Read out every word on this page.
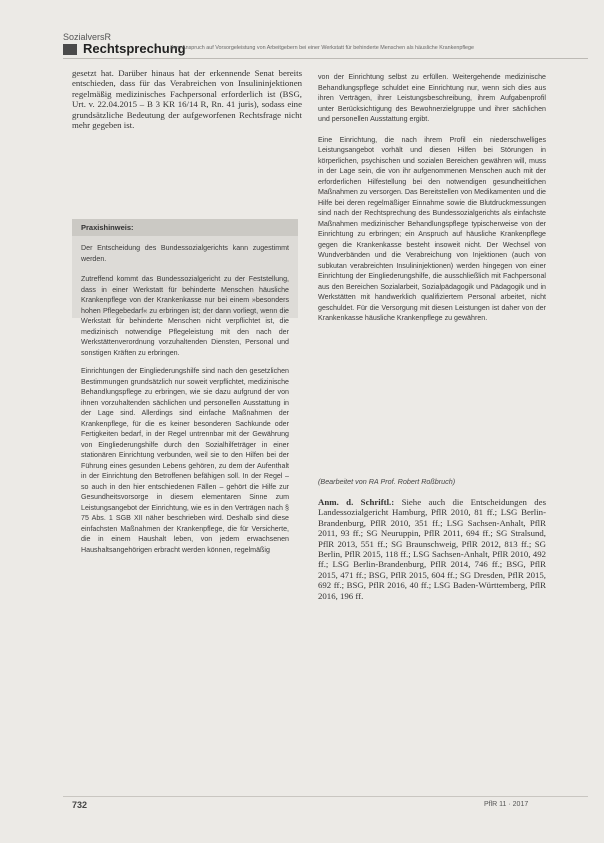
SozialversR
Rechtsprechung
Zum Anspruch auf Vorsorgeleistung von Arbeitgebern bei einer Werkstatt für behinderte Menschen als häusliche Krankenpflege

gesetzt hat. Darüber hinaus hat der erkennende Senat bereits entschieden, dass für das Verabreichen von Insulininjektionen regelmäßig medizinisches Fachpersonal erforderlich ist (BSG, Urt. v. 22.04.2015 – B 3 KR 16/14 R, Rn. 41 juris), sodass eine grundsätzliche Bedeutung der aufgeworfenen Rechtsfrage nicht mehr gegeben ist.

Praxishinweis:

Der Entscheidung des Bundessozialgerichts kann zugestimmt werden.

Zutreffend kommt das Bundessozialgericht zu der Feststellung, dass in einer Werkstatt für behinderte Menschen häusliche Krankenpflege von der Krankenkasse nur bei einem »besonders hohen Pflegebedarf« zu erbringen ist; der dann vorliegt, wenn die Werkstatt für behinderte Menschen nicht verpflichtet ist, die medizinisch notwendige Pflegeleistung mit den nach der Werkstättenverordnung vorzuhaltenden Diensten, Personal und sonstigen Kräften zu erbringen.

Einrichtungen der Eingliederungshilfe sind nach den gesetzlichen Bestimmungen grundsätzlich nur soweit verpflichtet, medizinische Behandlungspflege zu erbringen, wie sie dazu aufgrund der von ihnen vorzuhaltenden sächlichen und personellen Ausstattung in der Lage sind. Allerdings sind einfache Maßnahmen der Krankenpflege, für die es keiner besonderen Sachkunde oder Fertigkeiten bedarf, in der Regel untrennbar mit der Gewährung von Eingliederungshilfe durch den Sozialhilfeträger in einer stationären Einrichtung verbunden, weil sie to den Hilfen bei der Führung eines gesunden Lebens gehören, zu dem der Aufenthalt in der Einrichtung den Betroffenen befähigen soll. In der Regel – so auch in den hier entschiedenen Fällen – gehört die Hilfe zur Gesundheitsvorsorge in diesem elementaren Sinne zum Leistungsangebot der Einrichtung, wie es in den Verträgen nach § 75 Abs. 1 SGB XII näher beschrieben wird. Deshalb sind diese einfachsten Maßnahmen der Krankenpflege, die für Versicherte, die in einem Haushalt leben, von jedem erwachsenen Haushaltsangehörigen erbracht werden können, regelmäßig

von der Einrichtung selbst zu erfüllen. Weitergehende medizinische Behandlungspflege schuldet eine Einrichtung nur, wenn sich dies aus ihren Verträgen, ihrer Leistungsbeschreibung, ihrem Aufgabenprofil unter Berücksichtigung des Bewohnerzielgruppe und ihrer sächlichen und personellen Ausstattung ergibt.

Eine Einrichtung, die nach ihrem Profil ein niederschwelliges Leistungsangebot vorhält und diesen Hilfen bei Störungen in körperlichen, psychischen und sozialen Bereichen gewähren will, muss in der Lage sein, die von ihr aufgenommenen Menschen auch mit der erforderlichen Hilfestellung bei den notwendigen gesundheitlichen Maßnahmen zu versorgen. Das Bereitstellen von Medikamenten und die Hilfe bei deren regelmäßiger Einnahme sowie die Blutdruckmessungen sind nach der Rechtsprechung des Bundessozialgerichts als einfachste Maßnahmen medizinischer Behandlungspflege typischerweise von der Einrichtung zu erbringen; ein Anspruch auf häusliche Krankenpflege gegen die Krankenkasse besteht insoweit nicht. Der Wechsel von Wundverbänden und die Verabreichung von Injektionen (auch von subkutan verabreichten Insulininjektionen) werden hingegen von einer Einrichtung der Eingliederungshilfe, die ausschließlich mit Fachpersonal aus den Bereichen Sozialarbeit, Sozialpädagogik und Pädagogik und in Werkstätten mit handwerklich qualifiziertem Personal arbeitet, nicht geschuldet. Für die Versorgung mit diesen Leistungen ist daher von der Krankenkasse häusliche Krankenpflege zu gewähren.

(Bearbeitet von RA Prof. Robert Roßbruch)

Anm. d. Schriftl.: Siehe auch die Entscheidungen des Landessozialgericht Hamburg, PflR 2010, 81 ff.; LSG Berlin-Brandenburg, PflR 2010, 351 ff.; LSG Sachsen-Anhalt, PflR 2011, 93 ff.; SG Neuruppin, PflR 2011, 694 ff.; SG Stralsund, PflR 2013, 551 ff.; SG Braunschweig, PflR 2012, 813 ff.; SG Berlin, PflR 2015, 118 ff.; LSG Sachsen-Anhalt, PflR 2010, 492 ff.; LSG Berlin-Brandenburg, PflR 2014, 746 ff.; BSG, PflR 2015, 471 ff.; BSG, PflR 2015, 604 ff.; SG Dresden, PflR 2015, 692 ff.; BSG, PflR 2016, 40 ff.; LSG Baden-Württemberg, PflR 2016, 196 ff.

732	PflR 11 · 2017
